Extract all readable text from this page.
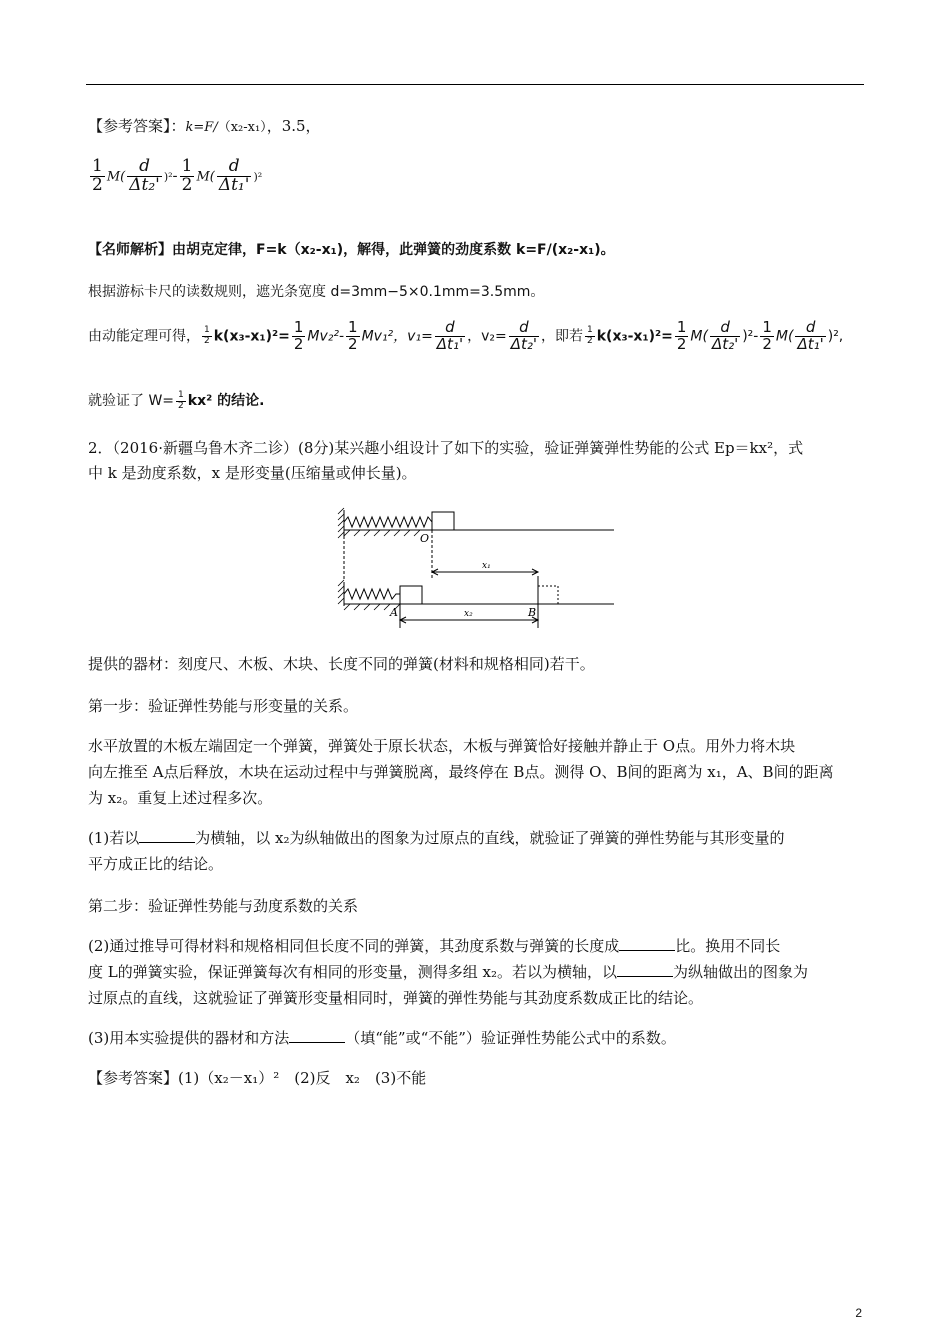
【参考答案】：k=F/（x₂-x₁），3.5，
$\frac{1}{2} M( \frac{d}{\text{Δt₂'}} )^2- \frac{1}{2} M( \frac{d}{\text{Δt₁'}} )^2$
【名师解析】由胡克定律，F=k（x₂-x₁)，解得，此弹簧的劲度系数 k=F/(x₂-x₁)。
根据游标卡尺的读数规则，遮光条宽度 d=3mm−5×0.1mm=3.5mm。
由动能定理可得， $\frac{1}{2} k(x_3-x_1)^2= \frac{1}{2} Mv_2^2- \frac{1}{2} Mv_1^2$，$v_1= \frac{d}{\text{Δt₁'}}$ ，$v_2= \frac{d}{\text{Δt₂'}}$ ，即若 $\frac{1}{2} k(x_3-x_1)^2= \frac{1}{2} M( \frac{d}{\text{Δt₂'}} )^2- \frac{1}{2} M( \frac{d}{\text{Δt₁'}} )^2$,
就验证了 $W= \frac{1}{2} kx^2$ 的结论.
2．（2016·新疆乌鲁木齐二诊）(8分)某兴趣小组设计了如下的实验，验证弹簧弹性势能的公式 Ep＝kx²，式
中 k 是劲度系数，x 是形变量(压缩量或伸长量)。
O
A	B
x₁
x₂
提供的器材：刻度尺、木板、木块、长度不同的弹簧(材料和规格相同)若干。
第一步：验证弹性势能与形变量的关系。
水平放置的木板左端固定一个弹簧，弹簧处于原长状态，木板与弹簧恰好接触并静止于 O点。用外力将木块
向左推至 A点后释放，木块在运动过程中与弹簧脱离，最终停在 B点。测得 O、B间的距离为 x₁，A、B间的距离
为 x₂。重复上述过程多次。
(1)若以	为横轴，以 x₂为纵轴做出的图象为过原点的直线，就验证了弹簧的弹性势能与其形变量的
平方成正比的结论。
第二步：验证弹性势能与劲度系数的关系
(2)通过推导可得材料和规格相同但长度不同的弹簧，其劲度系数与弹簧的长度成	比。换用不同长
度 L的弹簧实验，保证弹簧每次有相同的形变量，测得多组 x₂。若以为横轴，以	为纵轴做出的图象为
过原点的直线，这就验证了弹簧形变量相同时，弹簧的弹性势能与其劲度系数成正比的结论。
(3)用本实验提供的器材和方法	（填“能”或“不能”）验证弹性势能公式中的系数。
【参考答案】(1)（x₂－x₁）²　(2)反　x₂　(3)不能
2
